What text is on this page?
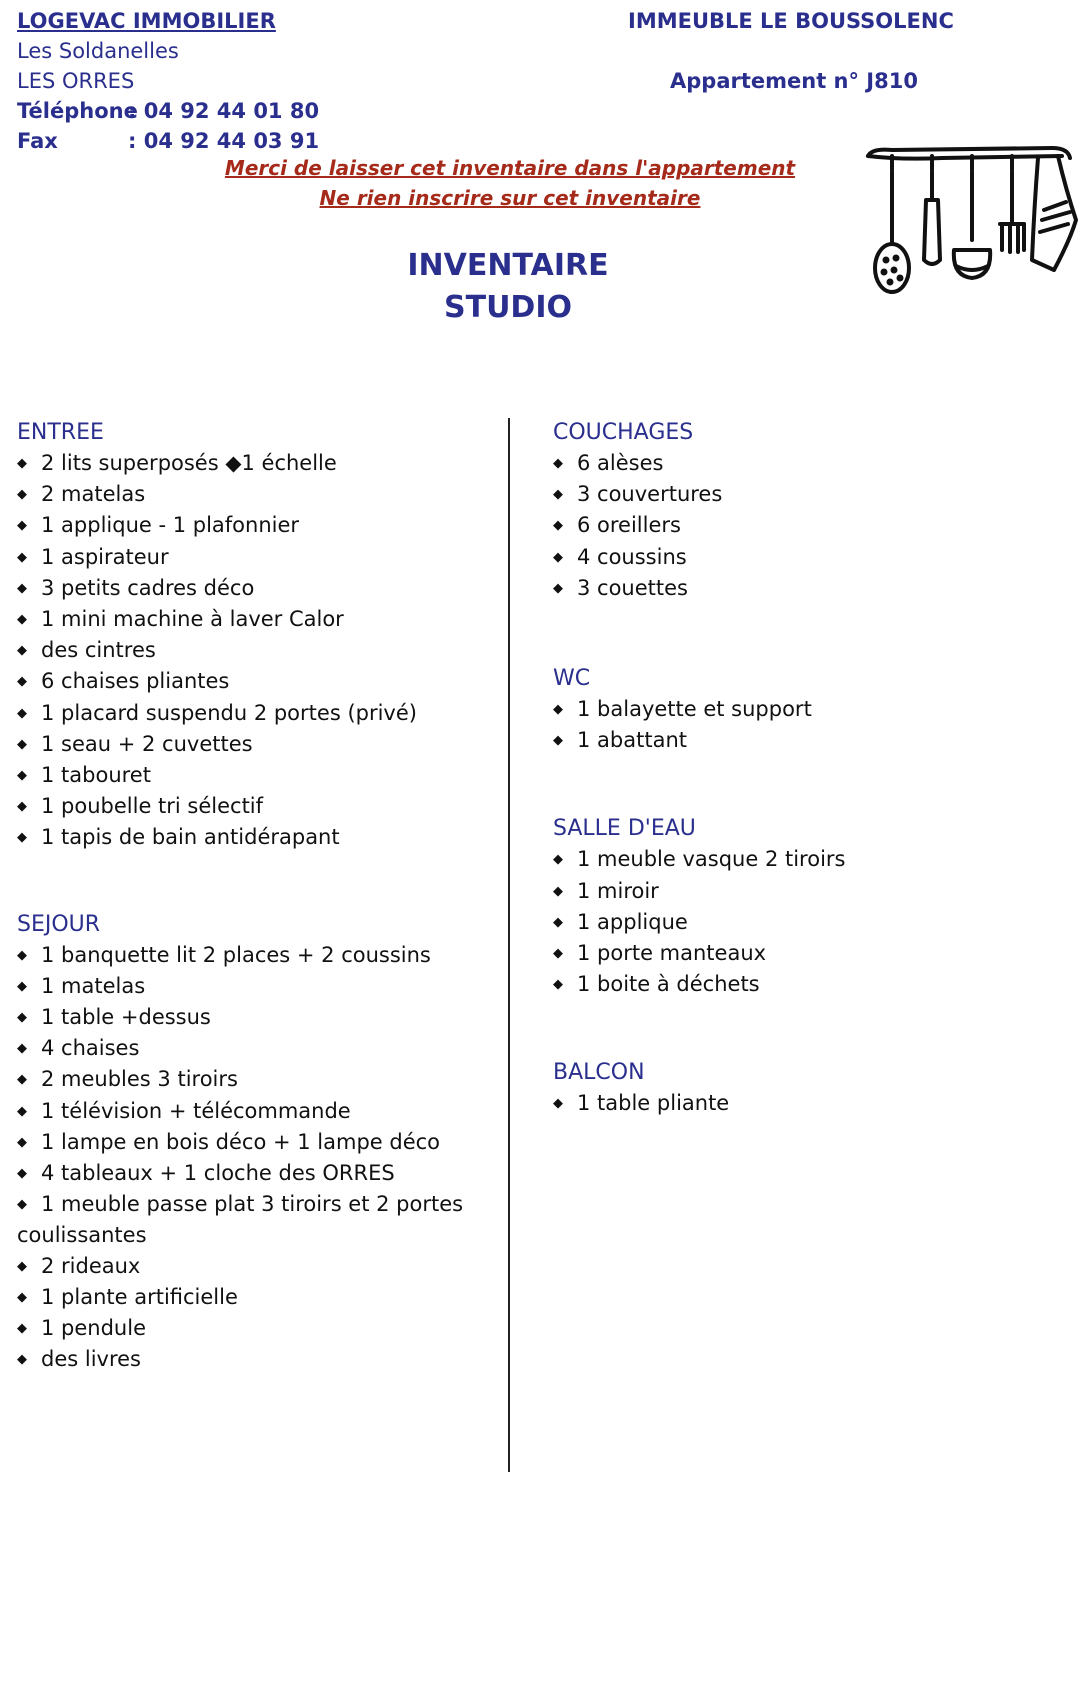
LOGEVAC IMMOBILIER
Les Soldanelles
LES ORRES
Téléphone
: 04 92 44 01 80
Fax	: 04 92 44 03 91
IMMEUBLE LE BOUSSOLENC
Appartement n° J810
Merci de laisser cet inventaire dans l'appartement
Ne rien inscrire sur cet inventaire
INVENTAIRE
STUDIO
ENTREE
◆ 2 lits superposés ◆1 échelle
◆ 2 matelas
◆ 1 applique - 1 plafonnier
◆ 1 aspirateur
◆ 3 petits cadres déco
◆ 1 mini machine à laver Calor
◆ des cintres
◆ 6 chaises pliantes
◆ 1 placard suspendu 2 portes (privé)
◆ 1 seau + 2 cuvettes
◆ 1 tabouret
◆ 1 poubelle tri sélectif
◆ 1 tapis de bain antidérapant
SEJOUR
◆ 1 banquette lit 2 places + 2 coussins
◆ 1 matelas
◆ 1 table +dessus
◆ 4 chaises
◆ 2 meubles 3 tiroirs
◆ 1 télévision + télécommande
◆ 1 lampe en bois déco + 1 lampe déco
◆ 4 tableaux + 1 cloche des ORRES
◆ 1 meuble passe plat 3 tiroirs et 2 portes coulissantes
◆ 2 rideaux
◆ 1 plante artificielle
◆ 1 pendule
◆ des livres
COUCHAGES
◆ 6 alèses
◆ 3 couvertures
◆ 6 oreillers
◆ 4 coussins
◆ 3 couettes
WC
◆ 1 balayette et support
◆ 1 abattant
SALLE D'EAU
◆ 1 meuble vasque 2 tiroirs
◆ 1 miroir
◆ 1 applique
◆ 1 porte manteaux
◆ 1 boite à déchets
BALCON
◆ 1 table pliante
